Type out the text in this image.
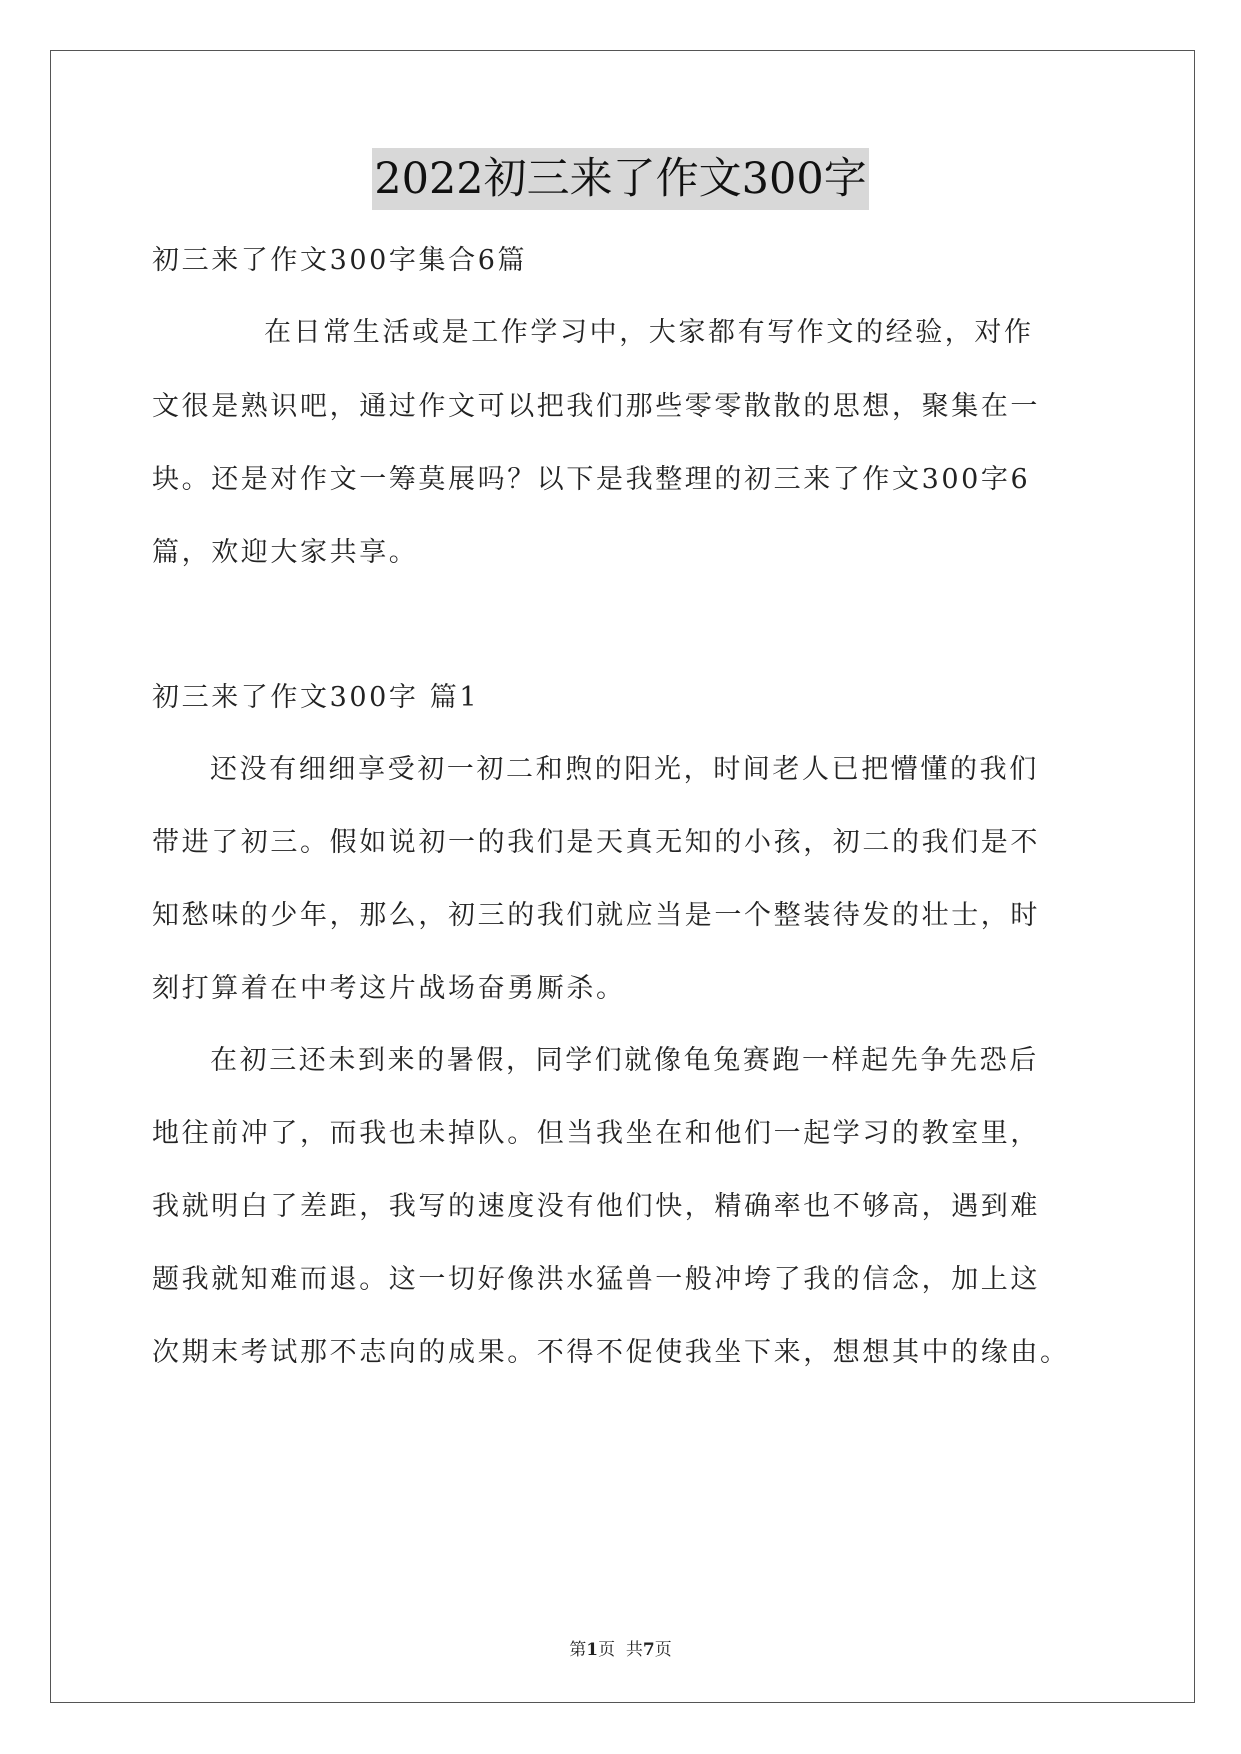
2022初三来了作文300字
初三来了作文300字集合6篇
在日常生活或是工作学习中，大家都有写作文的经验，对作
文很是熟识吧，通过作文可以把我们那些零零散散的思想，聚集在一
块。还是对作文一筹莫展吗？以下是我整理的初三来了作文300字6
篇，欢迎大家共享。
初三来了作文300字 篇1
还没有细细享受初一初二和煦的阳光，时间老人已把懵懂的我们
带进了初三。假如说初一的我们是天真无知的小孩，初二的我们是不
知愁味的少年，那么，初三的我们就应当是一个整装待发的壮士，时
刻打算着在中考这片战场奋勇厮杀。
在初三还未到来的暑假，同学们就像龟兔赛跑一样起先争先恐后
地往前冲了，而我也未掉队。但当我坐在和他们一起学习的教室里，
我就明白了差距，我写的速度没有他们快，精确率也不够高，遇到难
题我就知难而退。这一切好像洪水猛兽一般冲垮了我的信念，加上这
次期末考试那不志向的成果。不得不促使我坐下来，想想其中的缘由。
第1页  共7页
